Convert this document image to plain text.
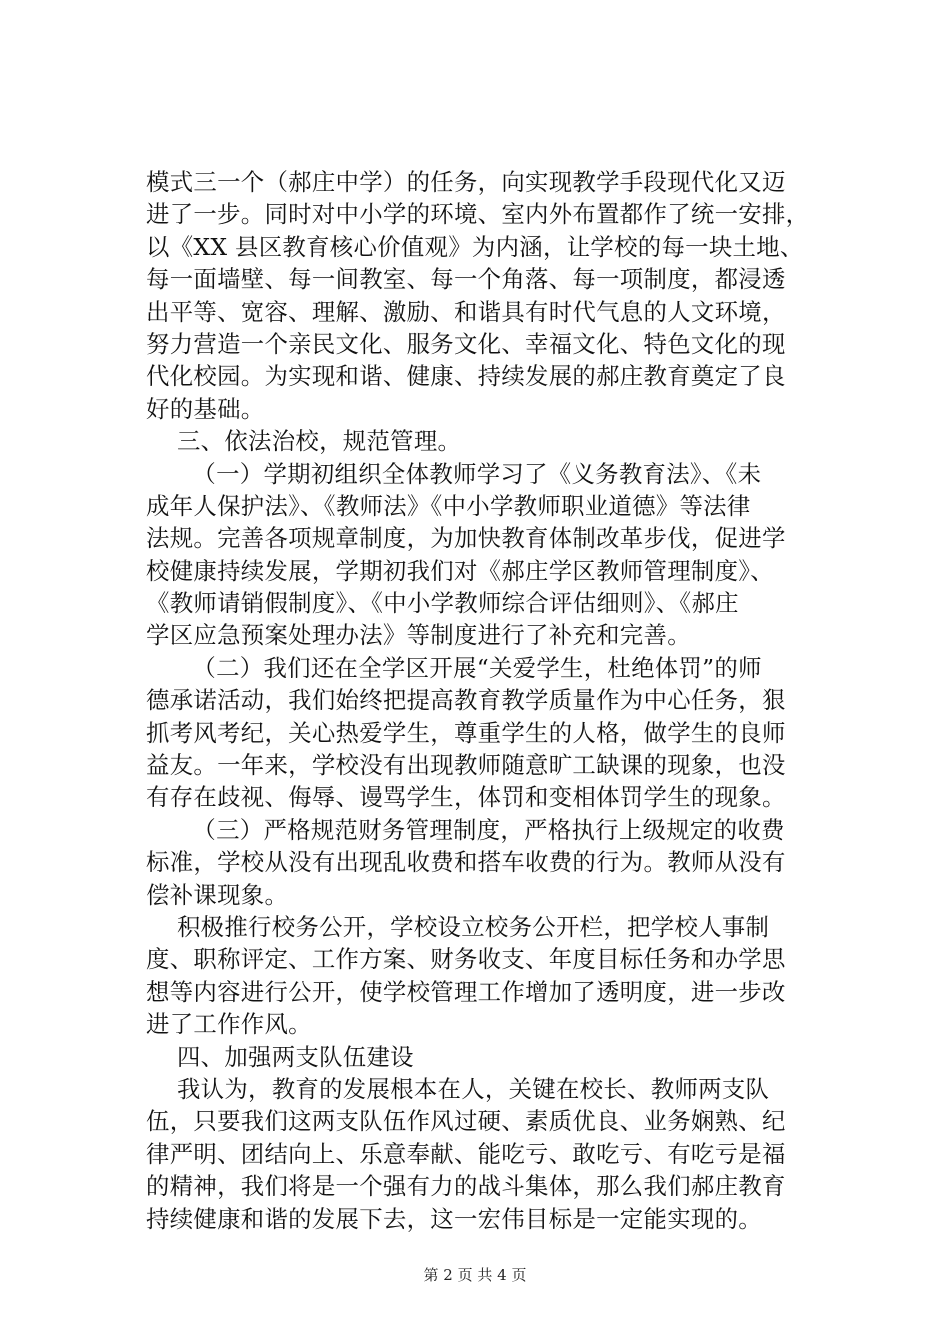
模式三一个（郝庄中学）的任务，向实现教学手段现代化又迈
进了一步。同时对中小学的环境、室内外布置都作了统一安排，
以《XX 县区教育核心价值观》为内涵，让学校的每一块土地、
每一面墙壁、每一间教室、每一个角落、每一项制度，都浸透
出平等、宽容、理解、激励、和谐具有时代气息的人文环境，
努力营造一个亲民文化、服务文化、幸福文化、特色文化的现
代化校园。为实现和谐、健康、持续发展的郝庄教育奠定了良
好的基础。
三、依法治校，规范管理。
（一）学期初组织全体教师学习了《义务教育法》、《未
成年人保护法》、《教师法》《中小学教师职业道德》等法律
法规。完善各项规章制度，为加快教育体制改革步伐，促进学
校健康持续发展，学期初我们对《郝庄学区教师管理制度》、
《教师请销假制度》、《中小学教师综合评估细则》、《郝庄
学区应急预案处理办法》等制度进行了补充和完善。
（二）我们还在全学区开展“关爱学生，杜绝体罚”的师
德承诺活动，我们始终把提高教育教学质量作为中心任务，狠
抓考风考纪，关心热爱学生，尊重学生的人格，做学生的良师
益友。一年来，学校没有出现教师随意旷工缺课的现象，也没
有存在歧视、侮辱、谩骂学生，体罚和变相体罚学生的现象。
（三）严格规范财务管理制度，严格执行上级规定的收费
标准，学校从没有出现乱收费和搭车收费的行为。教师从没有
偿补课现象。
积极推行校务公开，学校设立校务公开栏，把学校人事制
度、职称评定、工作方案、财务收支、年度目标任务和办学思
想等内容进行公开，使学校管理工作增加了透明度，进一步改
进了工作作风。
四、加强两支队伍建设
我认为，教育的发展根本在人，关键在校长、教师两支队
伍，只要我们这两支队伍作风过硬、素质优良、业务娴熟、纪
律严明、团结向上、乐意奉献、能吃亏、敢吃亏、有吃亏是福
的精神，我们将是一个强有力的战斗集体，那么我们郝庄教育
持续健康和谐的发展下去，这一宏伟目标是一定能实现的。
第 2 页 共 4 页
